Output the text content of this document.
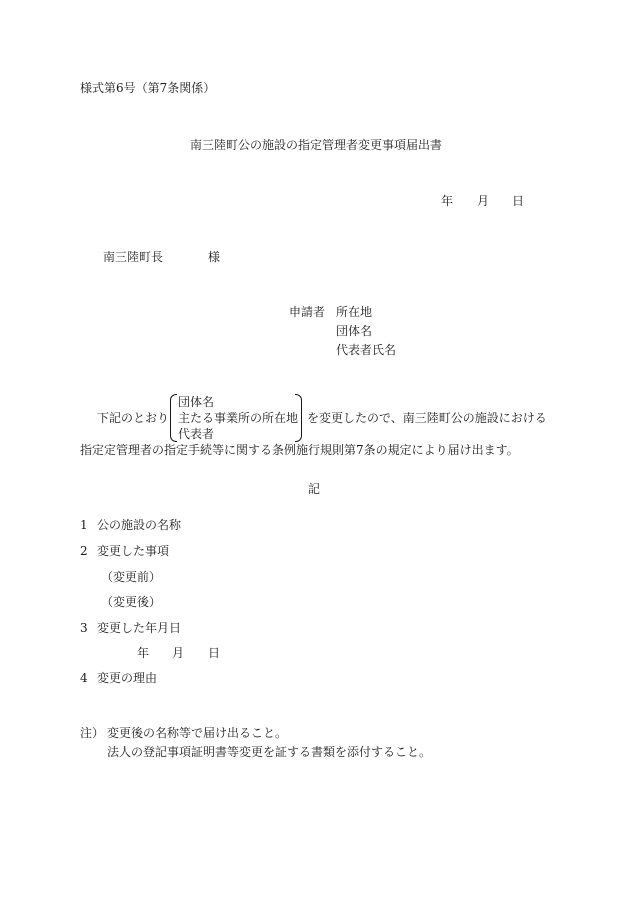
様式第6号（第7条関係）
南三陸町公の施設の指定管理者変更事項届出書
年 月 日
南三陸町長	様
申請者 所在地
団体名
代表者氏名
下記のとおり
団体名
主たる事業所の所在地
代表者
を変更したので、南三陸町公の施設における
指定定管理者の指定手続等に関する条例施行規則第7条の規定により届け出ます。
記
1 公の施設の名称
2 変更した事項
（変更前）
（変更後）
3 変更した年月日
年 月 日
4 変更の理由
注） 変更後の名称等で届け出ること。
法人の登記事項証明書等変更を証する書類を添付すること。
